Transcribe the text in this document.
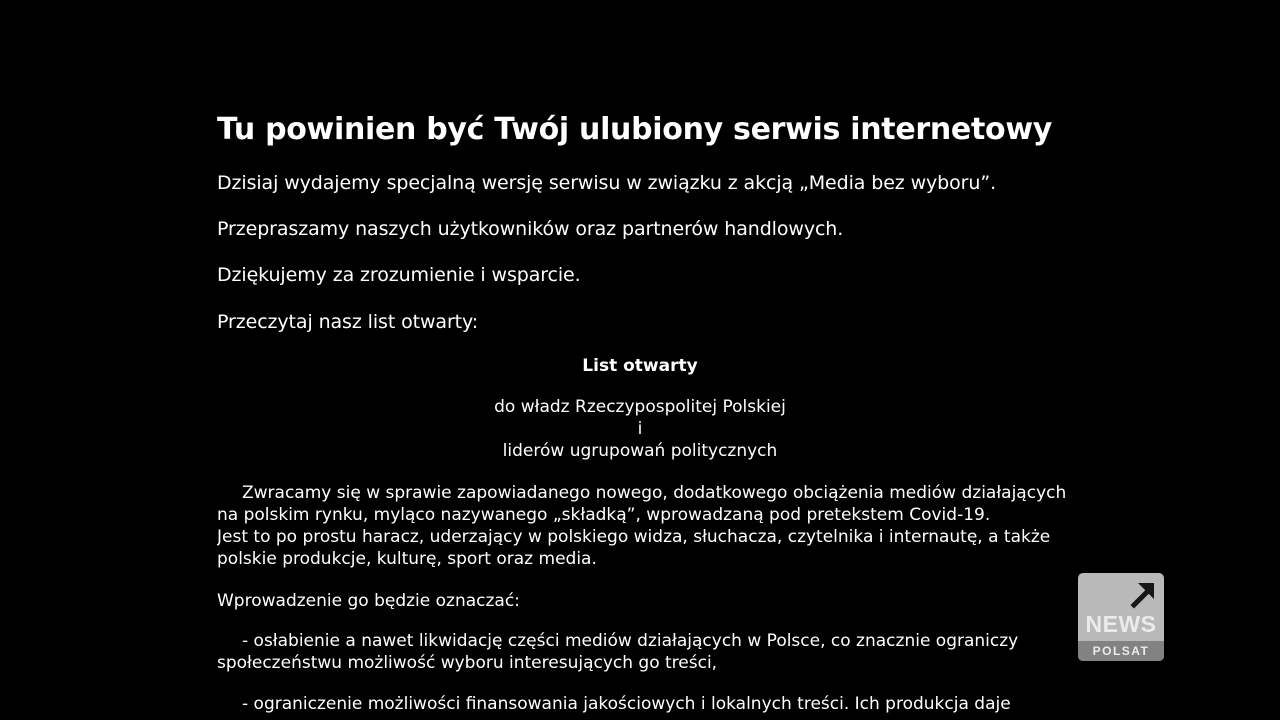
Tu powinien być Twój ulubiony serwis internetowy

Dzisiaj wydajemy specjalną wersję serwisu w związku z akcją „Media bez wyboru”.

Przepraszamy naszych użytkowników oraz partnerów handlowych.

Dziękujemy za zrozumienie i wsparcie.

Przeczytaj nasz list otwarty:

List otwarty

do władz Rzeczypospolitej Polskiej
i
liderów ugrupowań politycznych

Zwracamy się w sprawie zapowiadanego nowego, dodatkowego obciążenia mediów działających
na polskim rynku, myląco nazywanego „składką”, wprowadzaną pod pretekstem Covid-19.
Jest to po prostu haracz, uderzający w polskiego widza, słuchacza, czytelnika i internautę, a także
polskie produkcje, kulturę, sport oraz media.

Wprowadzenie go będzie oznaczać:

- osłabienie a nawet likwidację części mediów działających w Polsce, co znacznie ograniczy
społeczeństwu możliwość wyboru interesujących go treści,

- ograniczenie możliwości finansowania jakościowych i lokalnych treści. Ich produkcja daje

NEWS
POLSAT
